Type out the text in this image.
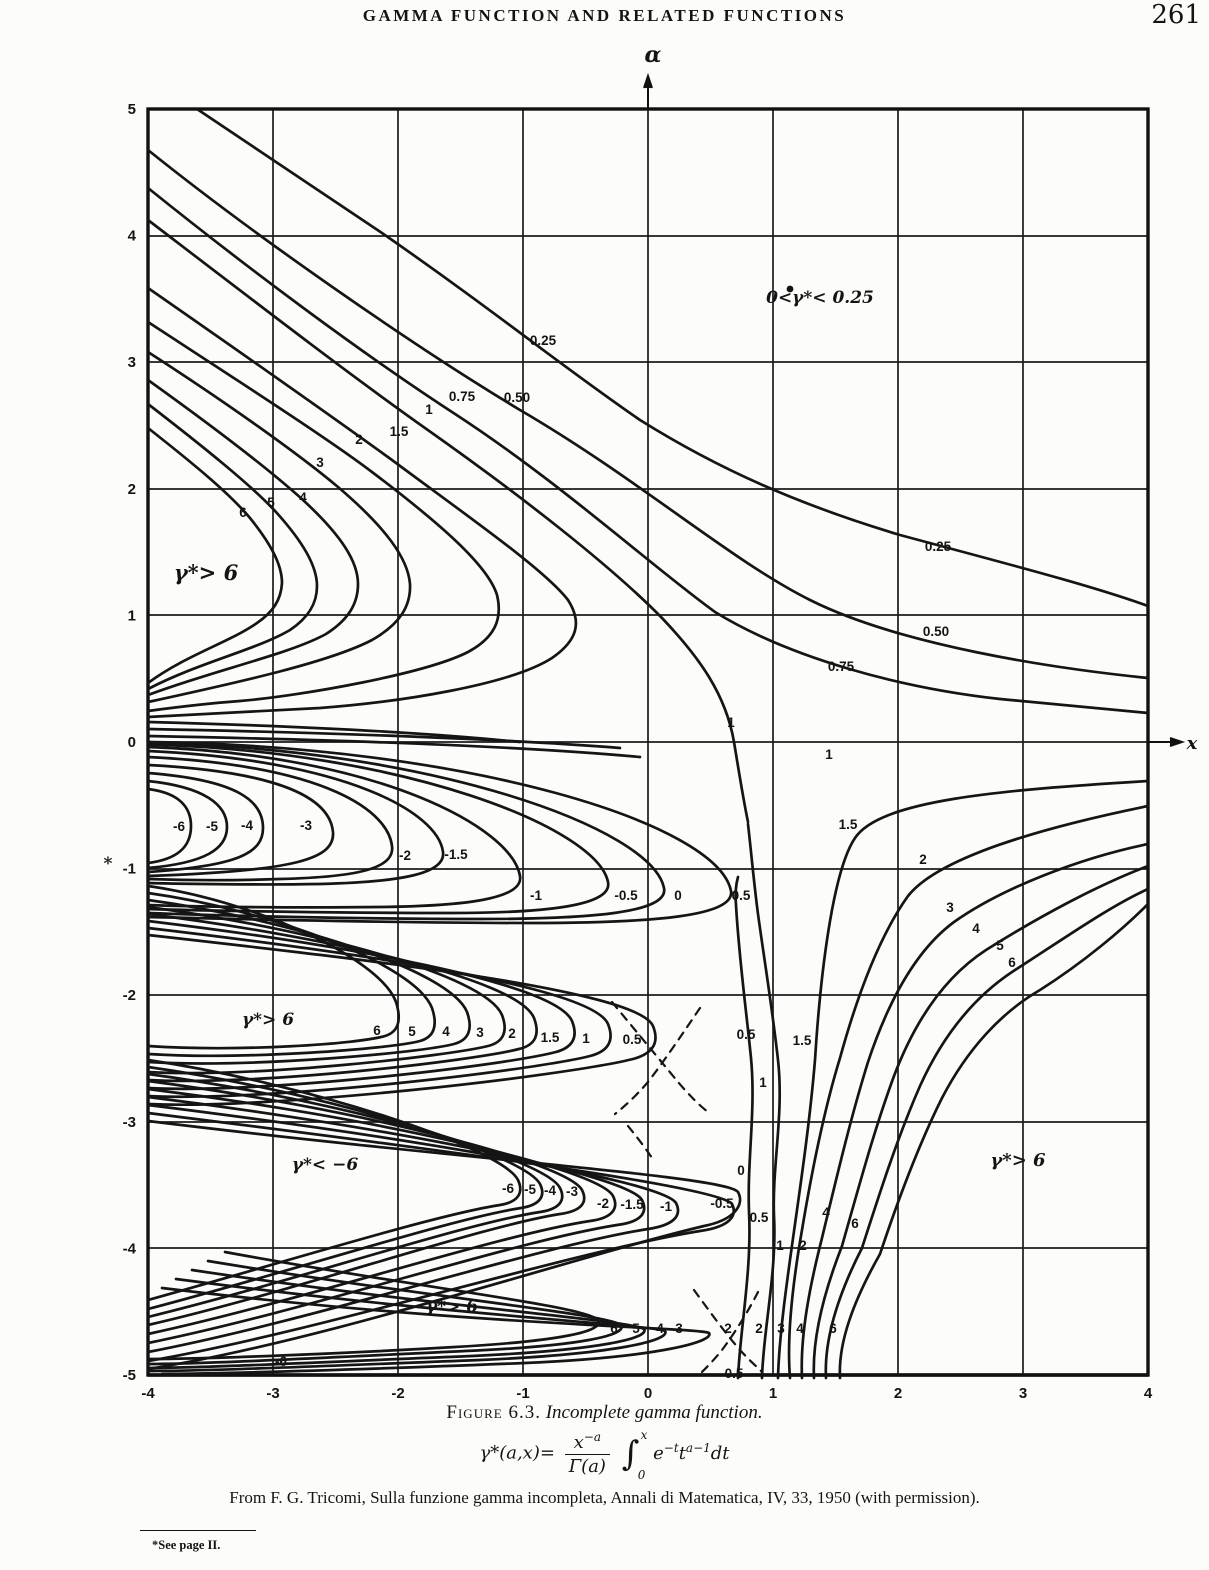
GAMMA FUNCTION AND RELATED FUNCTIONS	261
0.25
0.50
0.75
1
1.5
2
3
4
5
6
0.25
0.50
0.75
1
1
1.5
2
3
4
5
6
-6 -5 -4	-3
-2 -1.5
-1	-0.5	0	0.5
6 5 4 3 2 1.5 1 0.5	0.5	1.5
1
-6 -5 -4 -3
-2 -1.5 -1	-0.5
0
0.5
1 2
4
6
-6
6 5 4 3	2 2 3 4 6
0.5
γ*> 6
0<γ*< 0.25
γ*> 6
γ*< −6
γ*> 6
γ*> 6
*
-4	-3	-2	-1	0	1	2	3	4
5
4
3
2
1
0
-1
-2
-3
-4
-5
α
x
Figure 6.3. Incomplete gamma function.
$\gamma*(a,x)= \frac{x^{-a}}{\Gamma(a)}$ ∫ x
0
$e^{-t}t^{a-1}dt$
From F. G. Tricomi, Sulla funzione gamma incompleta, Annali di Matematica, IV, 33, 1950 (with permission).
*See page II.
